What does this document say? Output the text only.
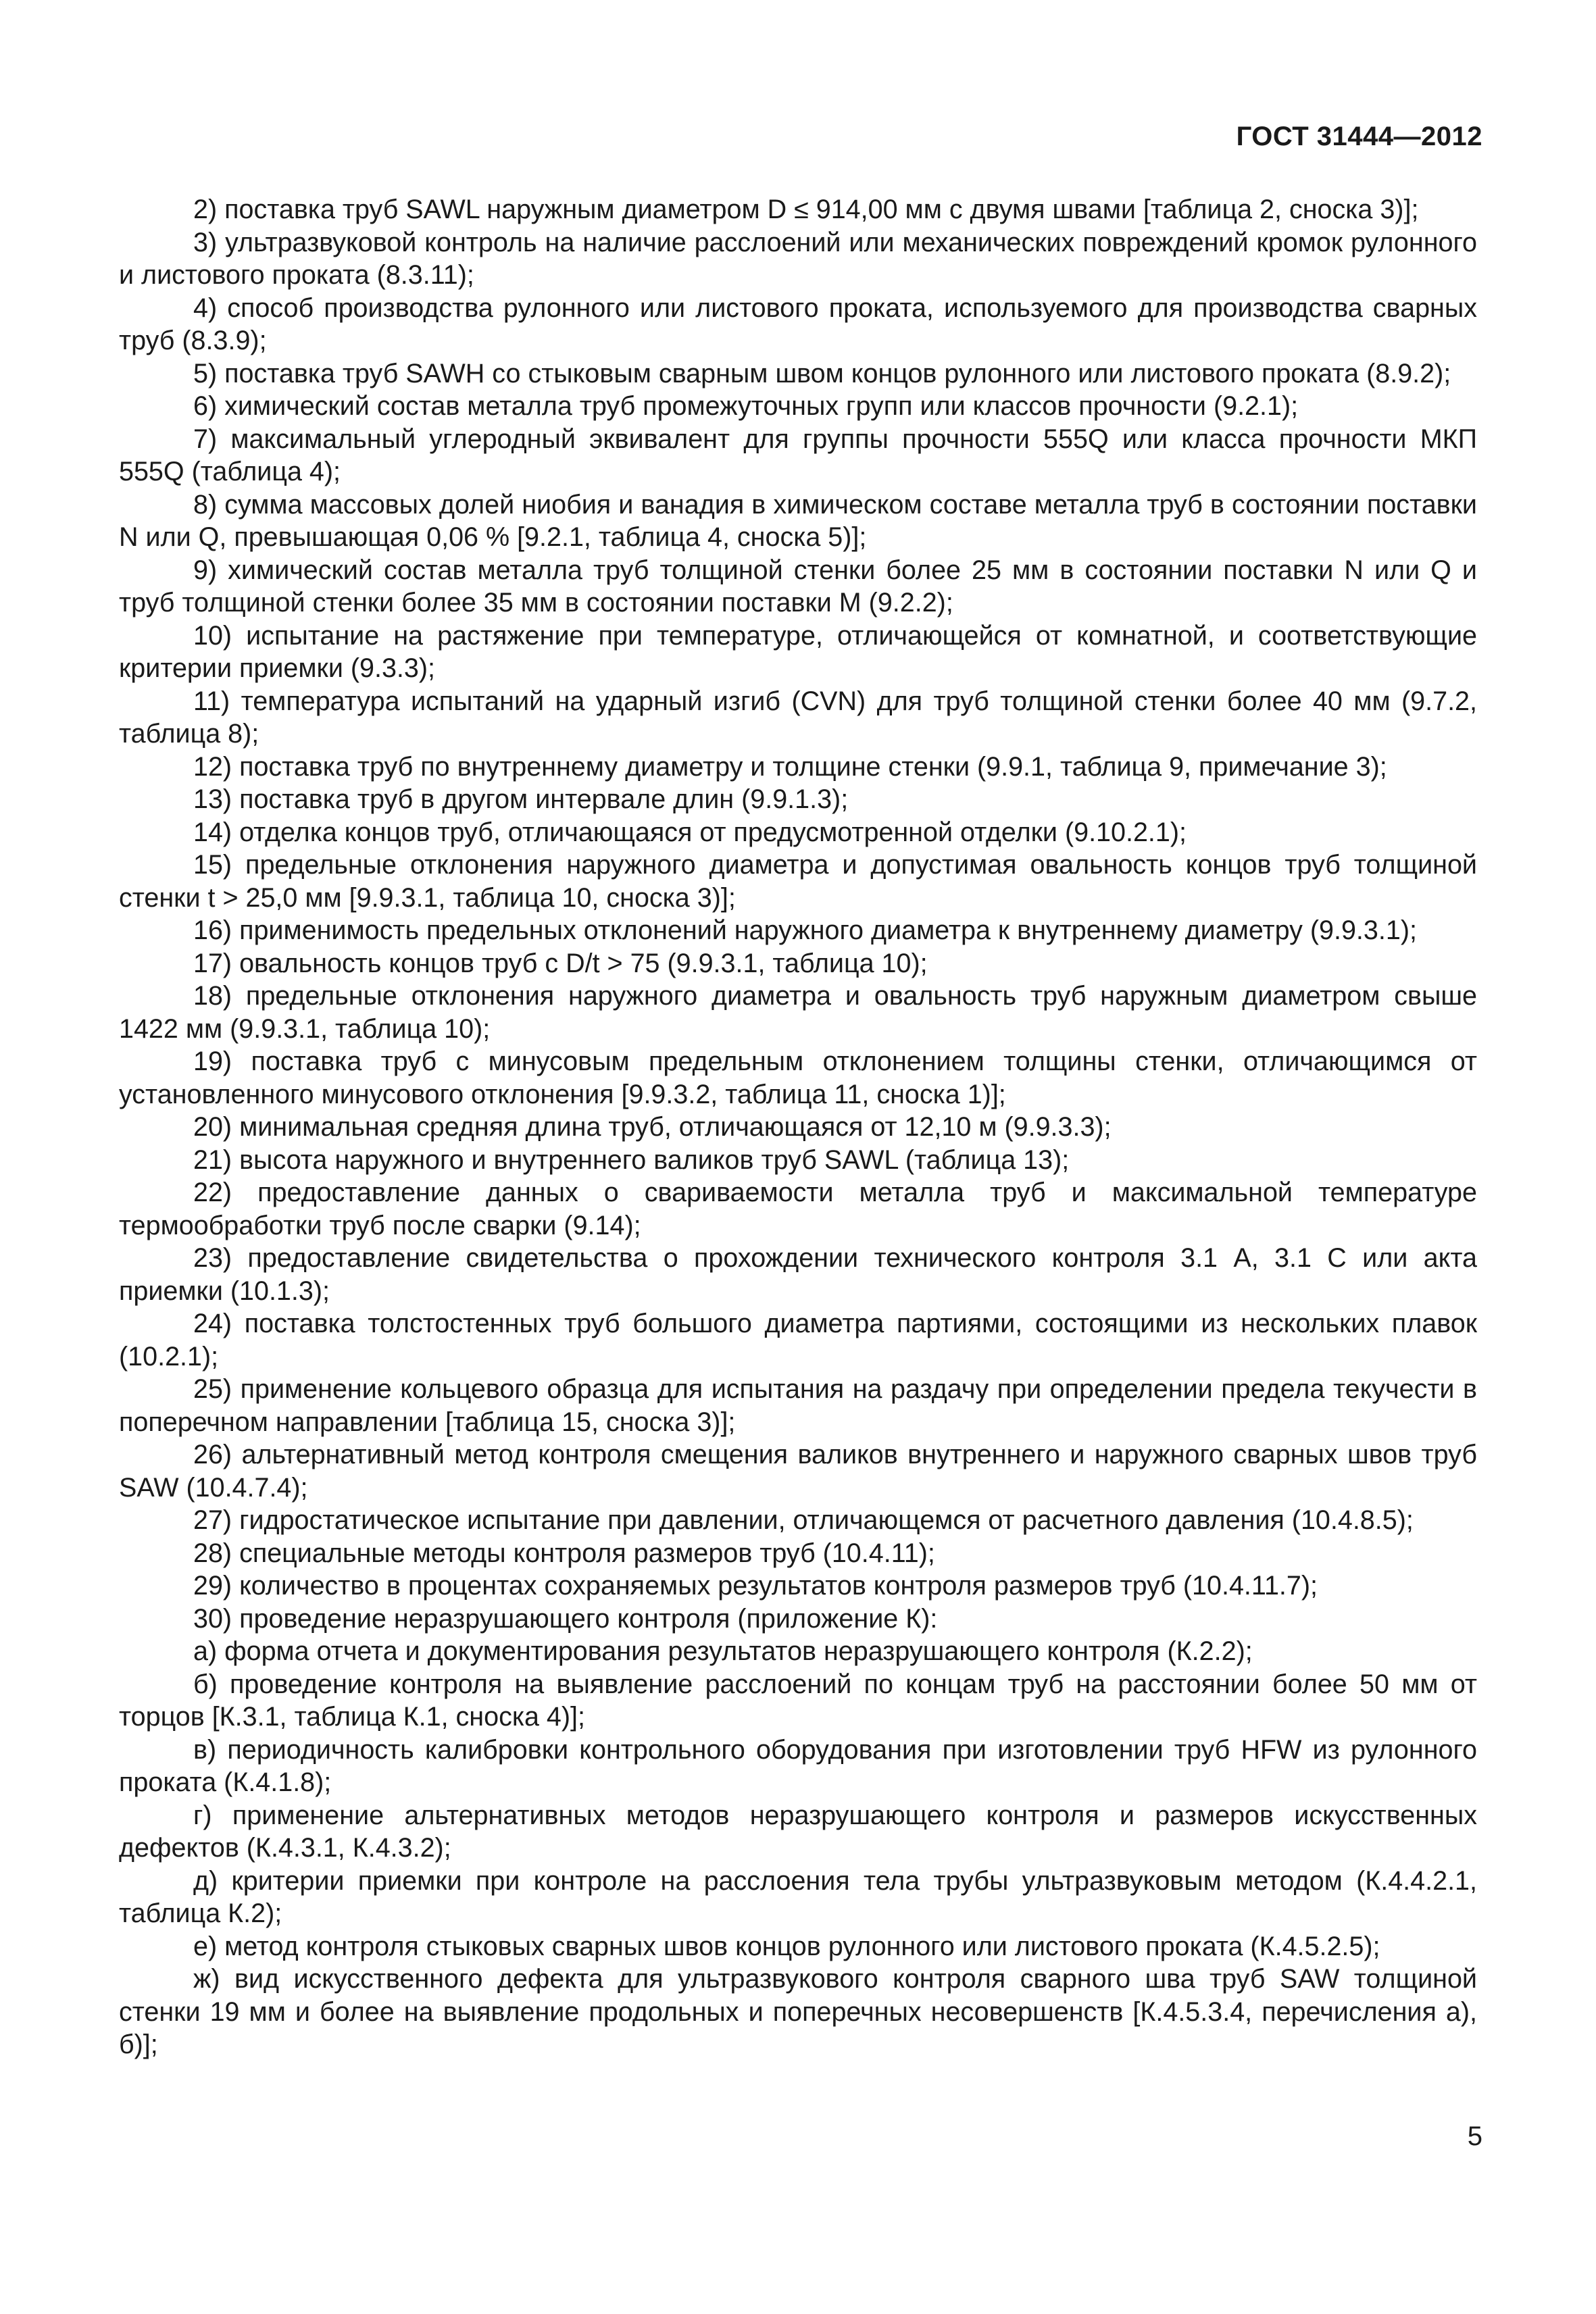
ГОСТ 31444—2012

2) поставка труб SAWL наружным диаметром D ≤ 914,00 мм с двумя швами [таблица 2, сноска 3)];

3) ультразвуковой контроль на наличие расслоений или механических повреждений кромок рулонного и листового проката (8.3.11);

4) способ производства рулонного или листового проката, используемого для производства сварных труб (8.3.9);

5) поставка труб SAWH со стыковым сварным швом концов рулонного или листового проката (8.9.2);

6) химический состав металла труб промежуточных групп или классов прочности (9.2.1);

7) максимальный углеродный эквивалент для группы прочности 555Q или класса прочности МКП 555Q (таблица 4);

8) сумма массовых долей ниобия и ванадия в химическом составе металла труб в состоянии поставки N или Q, превышающая 0,06 % [9.2.1, таблица 4, сноска 5)];

9) химический состав металла труб толщиной стенки более 25 мм в состоянии поставки N или Q и труб толщиной стенки более 35 мм в состоянии поставки М (9.2.2);

10) испытание на растяжение при температуре, отличающейся от комнатной, и соответствующие критерии приемки (9.3.3);

11) температура испытаний на ударный изгиб (CVN) для труб толщиной стенки более 40 мм (9.7.2, таблица 8);

12) поставка труб по внутреннему диаметру и толщине стенки (9.9.1, таблица 9, примечание 3);

13) поставка труб в другом интервале длин (9.9.1.3);

14) отделка концов труб, отличающаяся от предусмотренной отделки (9.10.2.1);

15) предельные отклонения наружного диаметра и допустимая овальность концов труб толщиной стенки t > 25,0 мм [9.9.3.1, таблица 10, сноска 3)];

16) применимость предельных отклонений наружного диаметра к внутреннему диаметру (9.9.3.1);

17) овальность концов труб с D/t > 75 (9.9.3.1, таблица 10);

18) предельные отклонения наружного диаметра и овальность труб наружным диаметром свыше 1422 мм (9.9.3.1, таблица 10);

19) поставка труб с минусовым предельным отклонением толщины стенки, отличающимся от установленного минусового отклонения [9.9.3.2, таблица 11, сноска 1)];

20) минимальная средняя длина труб, отличающаяся от 12,10 м (9.9.3.3);

21) высота наружного и внутреннего валиков труб SAWL (таблица 13);

22) предоставление данных о свариваемости металла труб и максимальной температуре термообработки труб после сварки (9.14);

23) предоставление свидетельства о прохождении технического контроля 3.1 А, 3.1 С или акта приемки (10.1.3);

24) поставка толстостенных труб большого диаметра партиями, состоящими из нескольких плавок (10.2.1);

25) применение кольцевого образца для испытания на раздачу при определении предела текучести в поперечном направлении [таблица 15, сноска 3)];

26) альтернативный метод контроля смещения валиков внутреннего и наружного сварных швов труб SAW (10.4.7.4);

27) гидростатическое испытание при давлении, отличающемся от расчетного давления (10.4.8.5);

28) специальные методы контроля размеров труб (10.4.11);

29) количество в процентах сохраняемых результатов контроля размеров труб (10.4.11.7);

30) проведение неразрушающего контроля (приложение К):

а) форма отчета и документирования результатов неразрушающего контроля (К.2.2);

б) проведение контроля на выявление расслоений по концам труб на расстоянии более 50 мм от торцов [К.3.1, таблица К.1, сноска 4)];

в) периодичность калибровки контрольного оборудования при изготовлении труб HFW из рулонного проката (К.4.1.8);

г) применение альтернативных методов неразрушающего контроля и размеров искусственных дефектов (К.4.3.1, К.4.3.2);

д) критерии приемки при контроле на расслоения тела трубы ультразвуковым методом (К.4.4.2.1, таблица К.2);

е) метод контроля стыковых сварных швов концов рулонного или листового проката (К.4.5.2.5);

ж) вид искусственного дефекта для ультразвукового контроля сварного шва труб SAW толщиной стенки 19 мм и более на выявление продольных и поперечных несовершенств [К.4.5.3.4, перечисления а), б)];

5
